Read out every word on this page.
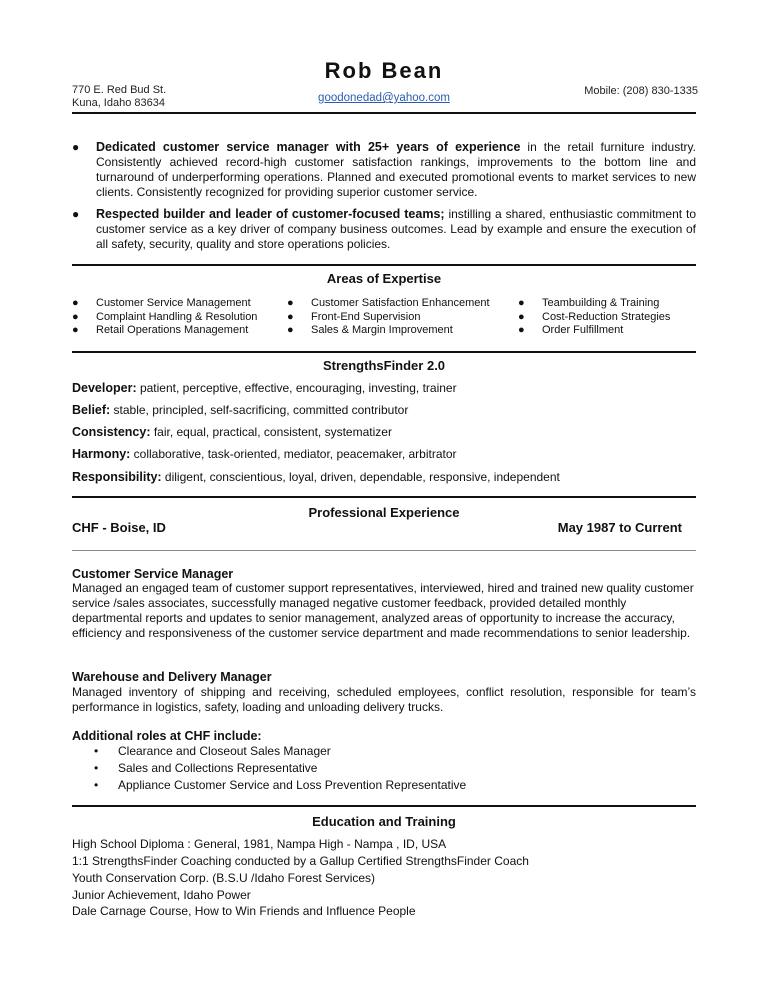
Rob Bean
770 E. Red Bud St.
Kuna, Idaho 83634	goodonedad@yahoo.com
Mobile: (208) 830-1335
● Dedicated customer service manager with 25+ years of experience in the retail furniture industry. Consistently achieved record-high customer satisfaction rankings, improvements to the bottom line and turnaround of underperforming operations. Planned and executed promotional events to market services to new clients. Consistently recognized for providing superior customer service.
● Respected builder and leader of customer-focused teams; instilling a shared, enthusiastic commitment to customer service as a key driver of company business outcomes. Lead by example and ensure the execution of all safety, security, quality and store operations policies.
Areas of Expertise
● Customer Service Management
● Complaint Handling & Resolution
● Retail Operations Management
● Customer Satisfaction Enhancement
● Front-End Supervision
● Sales & Margin Improvement
● Teambuilding & Training
● Cost-Reduction Strategies
● Order Fulfillment
StrengthsFinder 2.0
Developer: patient, perceptive, effective, encouraging, investing, trainer
Belief: stable, principled, self-sacrificing, committed contributor
Consistency: fair, equal, practical, consistent, systematizer
Harmony: collaborative, task-oriented, mediator, peacemaker, arbitrator
Responsibility: diligent, conscientious, loyal, driven, dependable, responsive, independent
Professional Experience
CHF - Boise, ID	May 1987 to Current
Customer Service Manager
Managed an engaged team of customer support representatives, interviewed, hired and trained new quality customer service /sales associates, successfully managed negative customer feedback, provided detailed monthly departmental reports and updates to senior management, analyzed areas of opportunity to increase the accuracy, efficiency and responsiveness of the customer service department and made recommendations to senior leadership.
Warehouse and Delivery Manager
Managed inventory of shipping and receiving, scheduled employees, conflict resolution, responsible for team’s performance in logistics, safety, loading and unloading delivery trucks.
Additional roles at CHF include:
• Clearance and Closeout Sales Manager
• Sales and Collections Representative
• Appliance Customer Service and Loss Prevention Representative
Education and Training
High School Diploma : General, 1981, Nampa High - Nampa , ID, USA
1:1 StrengthsFinder Coaching conducted by a Gallup Certified StrengthsFinder Coach
Youth Conservation Corp. (B.S.U /Idaho Forest Services)
Junior Achievement, Idaho Power
Dale Carnage Course, How to Win Friends and Influence People
